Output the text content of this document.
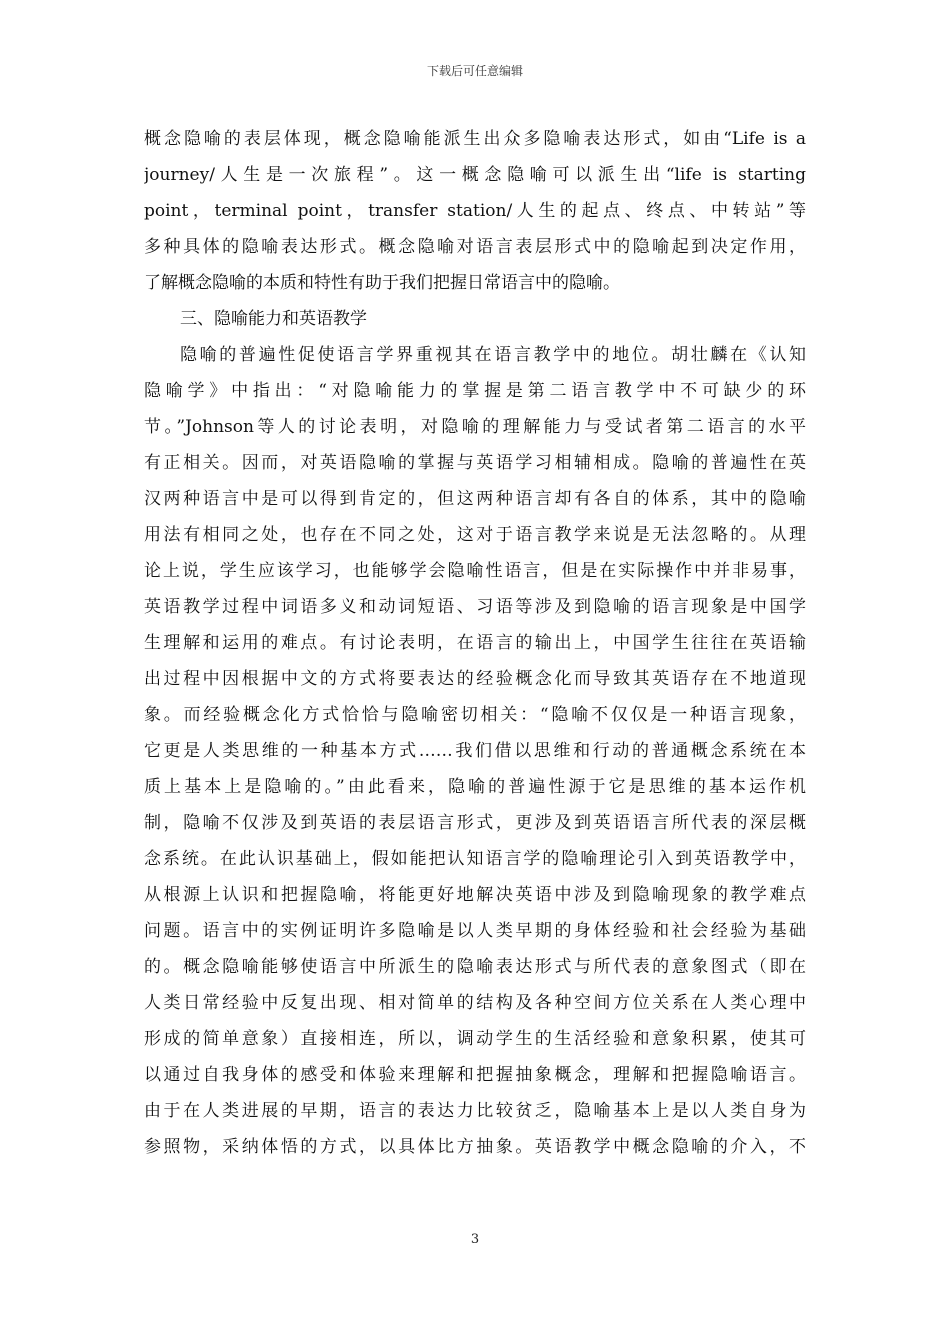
下载后可任意编辑
概念隐喻的表层体现，概念隐喻能派生出众多隐喻表达形式，如由“Life is a
journey/人生是一次旅程”。这一概念隐喻可以派生出“life is starting
point，terminal point，transfer station/人生的起点、终点、中转站”等
多种具体的隐喻表达形式。概念隐喻对语言表层形式中的隐喻起到决定作用，
了解概念隐喻的本质和特性有助于我们把握日常语言中的隐喻。
三、隐喻能力和英语教学
隐喻的普遍性促使语言学界重视其在语言教学中的地位。胡壮麟在《认知
隐喻学》中指出：“对隐喻能力的掌握是第二语言教学中不可缺少的环
节。”Johnson等人的讨论表明，对隐喻的理解能力与受试者第二语言的水平
有正相关。因而，对英语隐喻的掌握与英语学习相辅相成。隐喻的普遍性在英
汉两种语言中是可以得到肯定的，但这两种语言却有各自的体系，其中的隐喻
用法有相同之处，也存在不同之处，这对于语言教学来说是无法忽略的。从理
论上说，学生应该学习，也能够学会隐喻性语言，但是在实际操作中并非易事，
英语教学过程中词语多义和动词短语、习语等涉及到隐喻的语言现象是中国学
生理解和运用的难点。有讨论表明，在语言的输出上，中国学生往往在英语输
出过程中因根据中文的方式将要表达的经验概念化而导致其英语存在不地道现
象。而经验概念化方式恰恰与隐喻密切相关：“隐喻不仅仅是一种语言现象，
它更是人类思维的一种基本方式……我们借以思维和行动的普通概念系统在本
质上基本上是隐喻的。”由此看来，隐喻的普遍性源于它是思维的基本运作机
制，隐喻不仅涉及到英语的表层语言形式，更涉及到英语语言所代表的深层概
念系统。在此认识基础上，假如能把认知语言学的隐喻理论引入到英语教学中，
从根源上认识和把握隐喻，将能更好地解决英语中涉及到隐喻现象的教学难点
问题。语言中的实例证明许多隐喻是以人类早期的身体经验和社会经验为基础
的。概念隐喻能够使语言中所派生的隐喻表达形式与所代表的意象图式（即在
人类日常经验中反复出现、相对简单的结构及各种空间方位关系在人类心理中
形成的简单意象）直接相连，所以，调动学生的生活经验和意象积累，使其可
以通过自我身体的感受和体验来理解和把握抽象概念，理解和把握隐喻语言。
由于在人类进展的早期，语言的表达力比较贫乏，隐喻基本上是以人类自身为
参照物，采纳体悟的方式，以具体比方抽象。英语教学中概念隐喻的介入，不
3
